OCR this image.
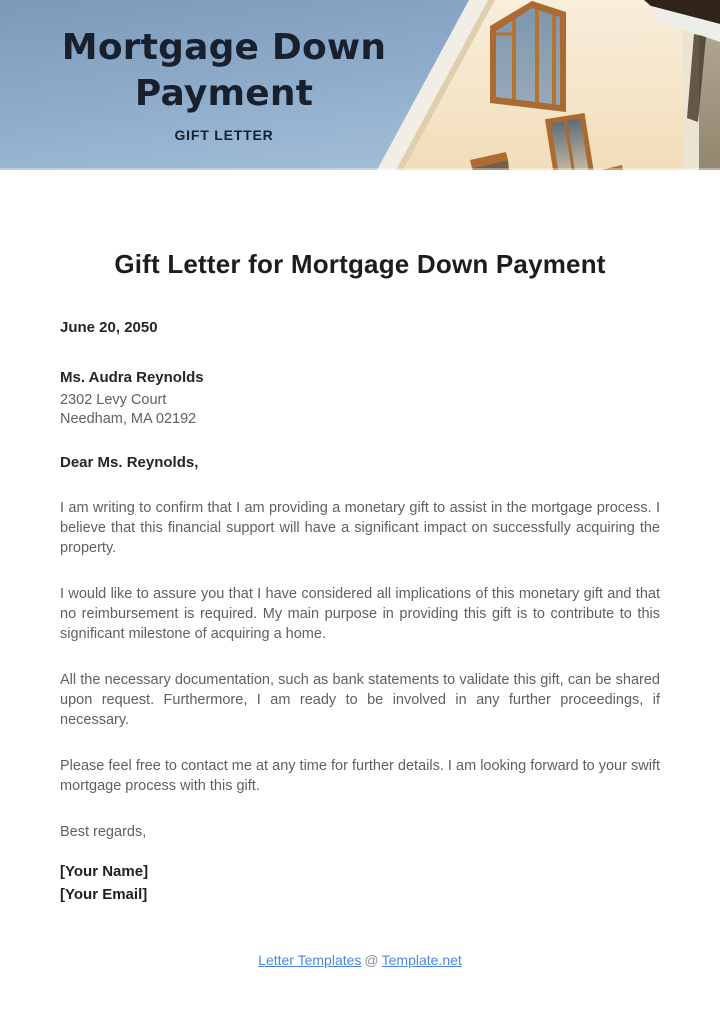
Mortgage Down
Payment
GIFT LETTER
Gift Letter for Mortgage Down Payment

June 20, 2050

Ms. Audra Reynolds

2302 Levy Court

Needham, MA 02192

Dear Ms. Reynolds,

I am writing to confirm that I am providing a monetary gift to assist in the mortgage process. I believe that this financial support will have a significant impact on successfully acquiring the property.

I would like to assure you that I have considered all implications of this monetary gift and that no reimbursement is required. My main purpose in providing this gift is to contribute to this significant milestone of acquiring a home.

All the necessary documentation, such as bank statements to validate this gift, can be shared upon request. Furthermore, I am ready to be involved in any further proceedings, if necessary.

Please feel free to contact me at any time for further details. I am looking forward to your swift mortgage process with this gift.

Best regards,

[Your Name]

[Your Email]

Letter Templates @ Template.net
